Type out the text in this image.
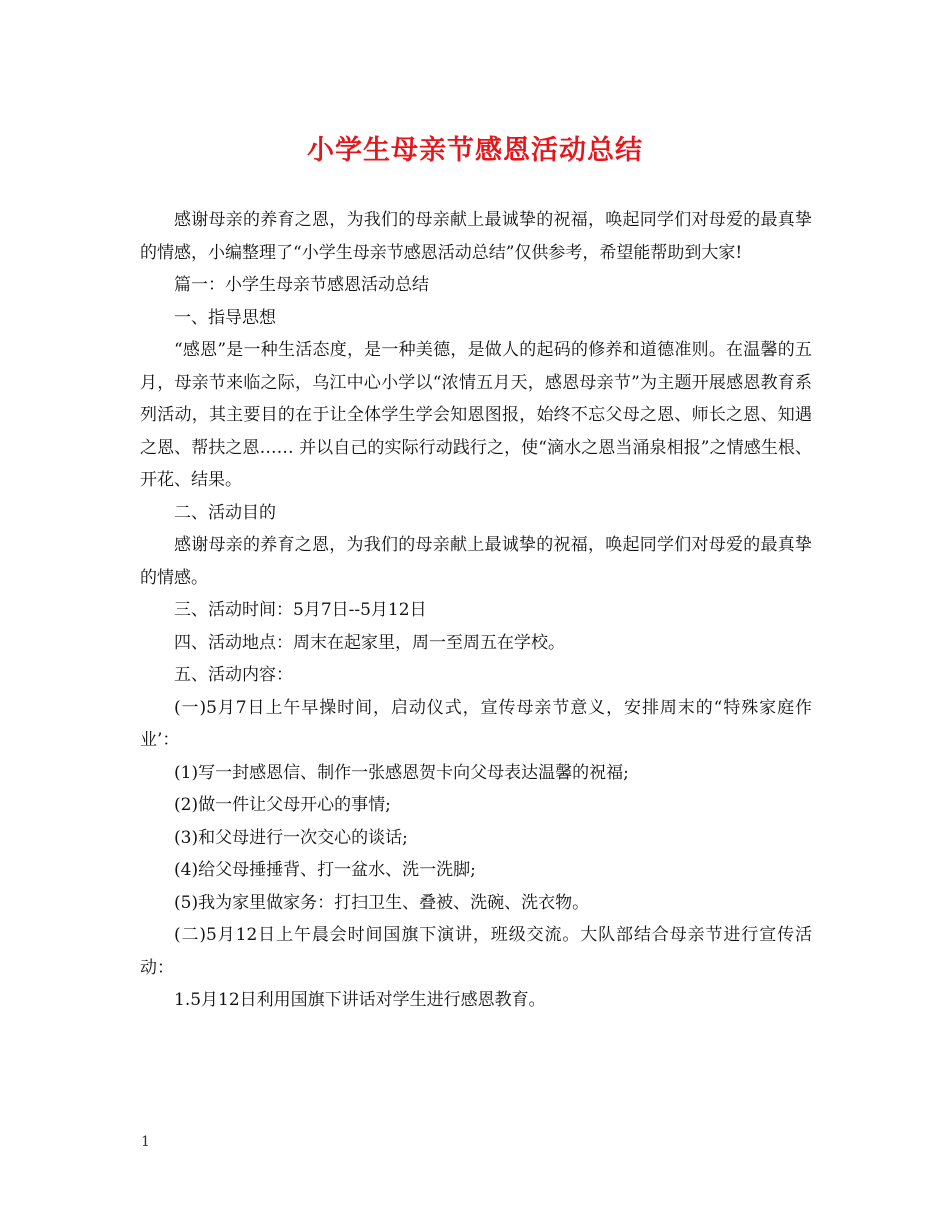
小学生母亲节感恩活动总结

感谢母亲的养育之恩，为我们的母亲献上最诚挚的祝福，唤起同学们对母爱的最真挚的情感，小编整理了“小学生母亲节感恩活动总结”仅供参考，希望能帮助到大家!

篇一：小学生母亲节感恩活动总结

一、指导思想

“感恩”是一种生活态度，是一种美德，是做人的起码的修养和道德准则。在温馨的五月，母亲节来临之际，乌江中心小学以“浓情五月天，感恩母亲节”为主题开展感恩教育系列活动，其主要目的在于让全体学生学会知恩图报，始终不忘父母之恩、师长之恩、知遇之恩、帮扶之恩…… 并以自己的实际行动践行之，使“滴水之恩当涌泉相报”之情感生根、开花、结果。

二、活动目的

感谢母亲的养育之恩，为我们的母亲献上最诚挚的祝福，唤起同学们对母爱的最真挚的情感。

三、活动时间：5月7日--5月12日

四、活动地点：周末在起家里，周一至周五在学校。

五、活动内容：

(一)5月7日上午早操时间，启动仪式，宣传母亲节意义，安排周末的“特殊家庭作业’：

(1)写一封感恩信、制作一张感恩贺卡向父母表达温馨的祝福;

(2)做一件让父母开心的事情;

(3)和父母进行一次交心的谈话;

(4)给父母捶捶背、打一盆水、洗一洗脚;

(5)我为家里做家务：打扫卫生、叠被、洗碗、洗衣物。

(二)5月12日上午晨会时间国旗下演讲，班级交流。大队部结合母亲节进行宣传活动：

1.5月12日利用国旗下讲话对学生进行感恩教育。

1
